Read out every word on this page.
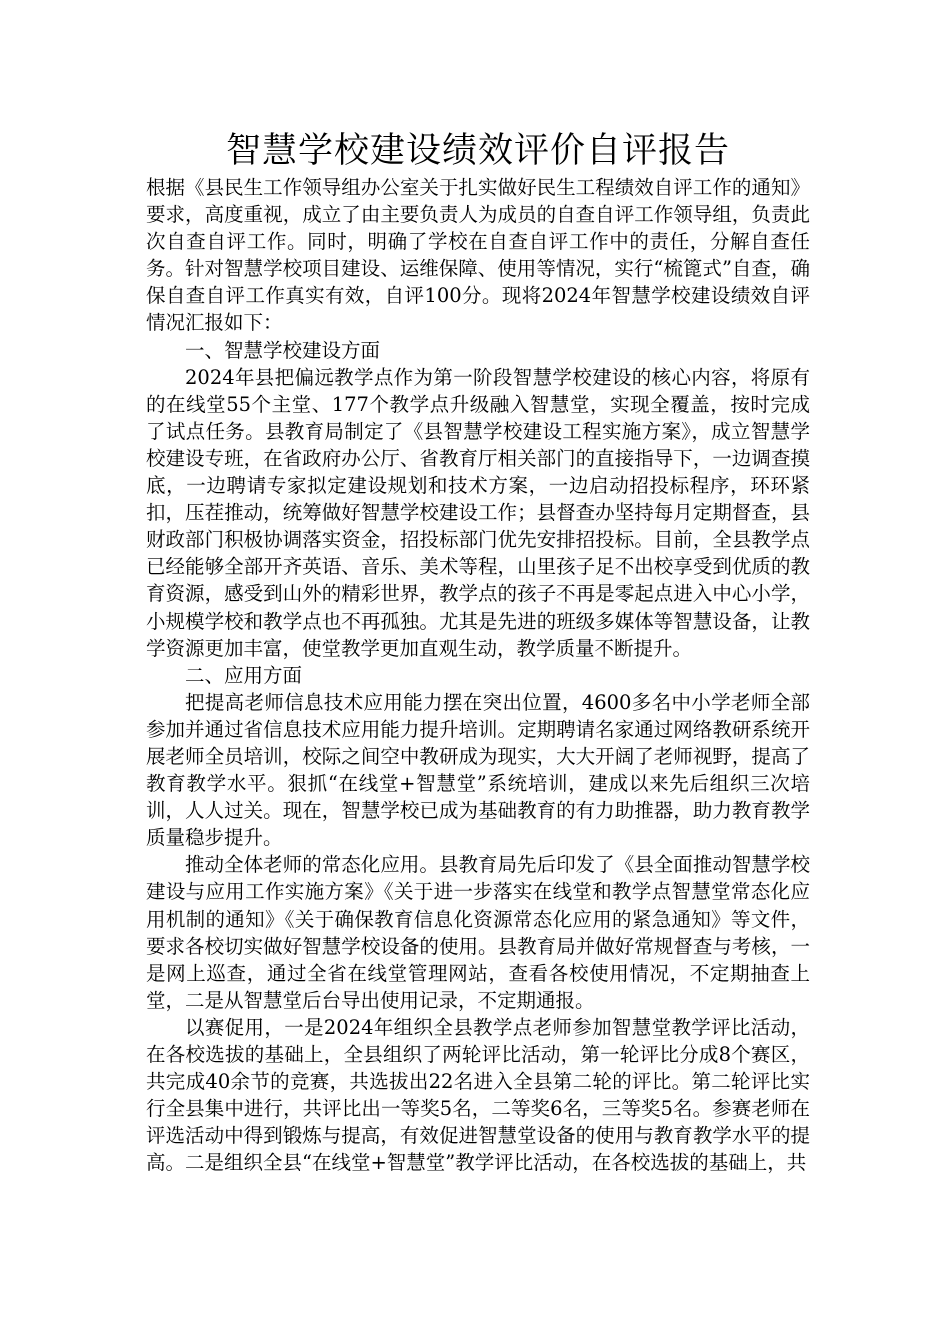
智慧学校建设绩效评价自评报告

根据《县民生工作领导组办公室关于扎实做好民生工程绩效自评工作的通知》要求，高度重视，成立了由主要负责人为成员的自查自评工作领导组，负责此次自查自评工作。同时，明确了学校在自查自评工作中的责任，分解自查任务。针对智慧学校项目建设、运维保障、使用等情况，实行“梳篦式”自查，确保自查自评工作真实有效，自评100分。现将2024年智慧学校建设绩效自评情况汇报如下：

一、智慧学校建设方面

2024年县把偏远教学点作为第一阶段智慧学校建设的核心内容，将原有的在线堂55个主堂、177个教学点升级融入智慧堂，实现全覆盖，按时完成了试点任务。县教育局制定了《县智慧学校建设工程实施方案》，成立智慧学校建设专班，在省政府办公厅、省教育厅相关部门的直接指导下，一边调查摸底，一边聘请专家拟定建设规划和技术方案，一边启动招投标程序，环环紧扣，压茬推动，统筹做好智慧学校建设工作；县督查办坚持每月定期督查，县财政部门积极协调落实资金，招投标部门优先安排招投标。目前，全县教学点已经能够全部开齐英语、音乐、美术等程，山里孩子足不出校享受到优质的教育资源，感受到山外的精彩世界，教学点的孩子不再是零起点进入中心小学，小规模学校和教学点也不再孤独。尤其是先进的班级多媒体等智慧设备，让教学资源更加丰富，使堂教学更加直观生动，教学质量不断提升。

二、应用方面

把提高老师信息技术应用能力摆在突出位置，4600多名中小学老师全部参加并通过省信息技术应用能力提升培训。定期聘请名家通过网络教研系统开展老师全员培训，校际之间空中教研成为现实，大大开阔了老师视野，提高了教育教学水平。狠抓“在线堂+智慧堂”系统培训，建成以来先后组织三次培训，人人过关。现在，智慧学校已成为基础教育的有力助推器，助力教育教学质量稳步提升。

推动全体老师的常态化应用。县教育局先后印发了《县全面推动智慧学校建设与应用工作实施方案》《关于进一步落实在线堂和教学点智慧堂常态化应用机制的通知》《关于确保教育信息化资源常态化应用的紧急通知》等文件，要求各校切实做好智慧学校设备的使用。县教育局并做好常规督查与考核，一是网上巡查，通过全省在线堂管理网站，查看各校使用情况，不定期抽查上堂，二是从智慧堂后台导出使用记录，不定期通报。

以赛促用，一是2024年组织全县教学点老师参加智慧堂教学评比活动，在各校选拔的基础上，全县组织了两轮评比活动，第一轮评比分成8个赛区，共完成40余节的竞赛，共选拔出22名进入全县第二轮的评比。第二轮评比实行全县集中进行，共评比出一等奖5名，二等奖6名，三等奖5名。参赛老师在评选活动中得到锻炼与提高，有效促进智慧堂设备的使用与教育教学水平的提高。二是组织全县“在线堂+智慧堂”教学评比活动，在各校选拔的基础上，共
